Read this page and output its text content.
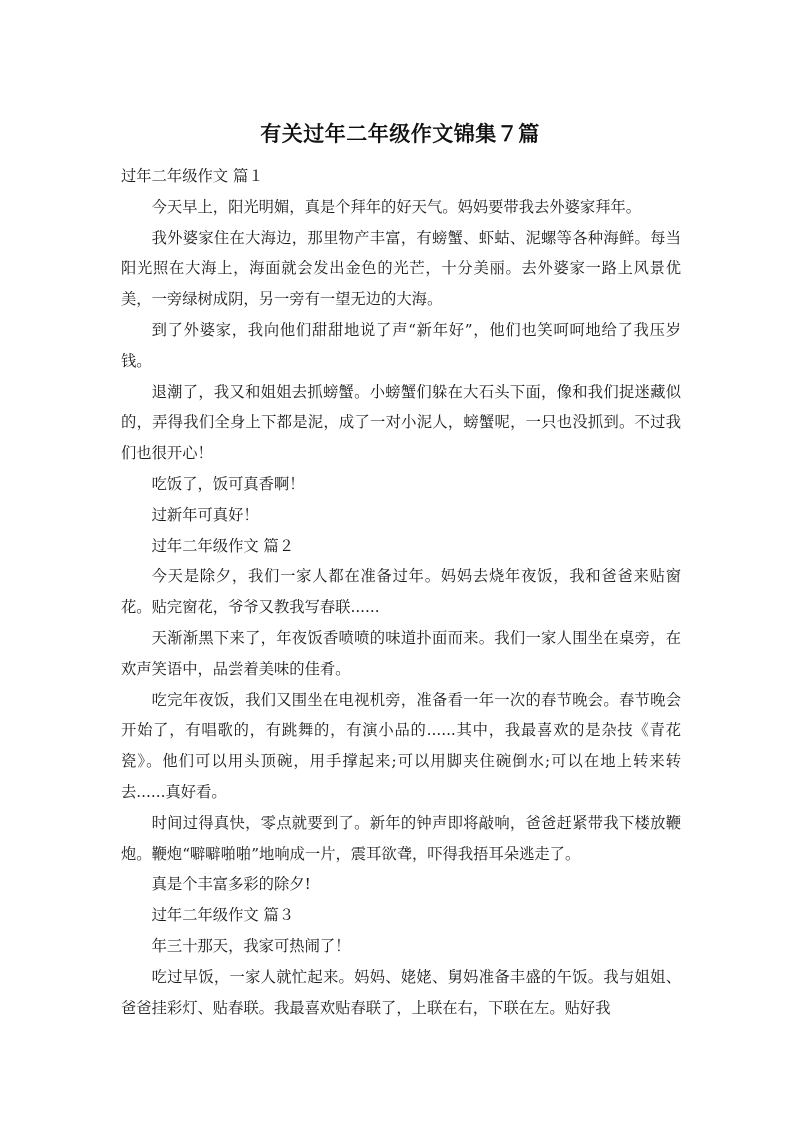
有关过年二年级作文锦集７篇

过年二年级作文 篇１

今天早上，阳光明媚，真是个拜年的好天气。妈妈要带我去外婆家拜年。

我外婆家住在大海边，那里物产丰富，有螃蟹、虾蛄、泥螺等各种海鲜。每当阳光照在大海上，海面就会发出金色的光芒，十分美丽。去外婆家一路上风景优美，一旁绿树成阴，另一旁有一望无边的大海。

到了外婆家，我向他们甜甜地说了声“新年好”，他们也笑呵呵地给了我压岁钱。

退潮了，我又和姐姐去抓螃蟹。小螃蟹们躲在大石头下面，像和我们捉迷藏似的，弄得我们全身上下都是泥，成了一对小泥人，螃蟹呢，一只也没抓到。不过我们也很开心！

吃饭了，饭可真香啊！

过新年可真好！

过年二年级作文 篇２

今天是除夕，我们一家人都在准备过年。妈妈去烧年夜饭，我和爸爸来贴窗花。贴完窗花，爷爷又教我写春联......

天渐渐黑下来了，年夜饭香喷喷的味道扑面而来。我们一家人围坐在桌旁，在欢声笑语中，品尝着美味的佳肴。

吃完年夜饭，我们又围坐在电视机旁，准备看一年一次的春节晚会。春节晚会开始了，有唱歌的，有跳舞的，有演小品的......其中，我最喜欢的是杂技《青花瓷》。他们可以用头顶碗，用手撑起来;可以用脚夹住碗倒水;可以在地上转来转去......真好看。

时间过得真快，零点就要到了。新年的钟声即将敲响，爸爸赶紧带我下楼放鞭炮。鞭炮“噼噼啪啪”地响成一片，震耳欲聋，吓得我捂耳朵逃走了。

真是个丰富多彩的除夕!

过年二年级作文 篇３

年三十那天，我家可热闹了！

吃过早饭，一家人就忙起来。妈妈、姥姥、舅妈准备丰盛的午饭。我与姐姐、爸爸挂彩灯、贴春联。我最喜欢贴春联了，上联在右，下联在左。贴好我
